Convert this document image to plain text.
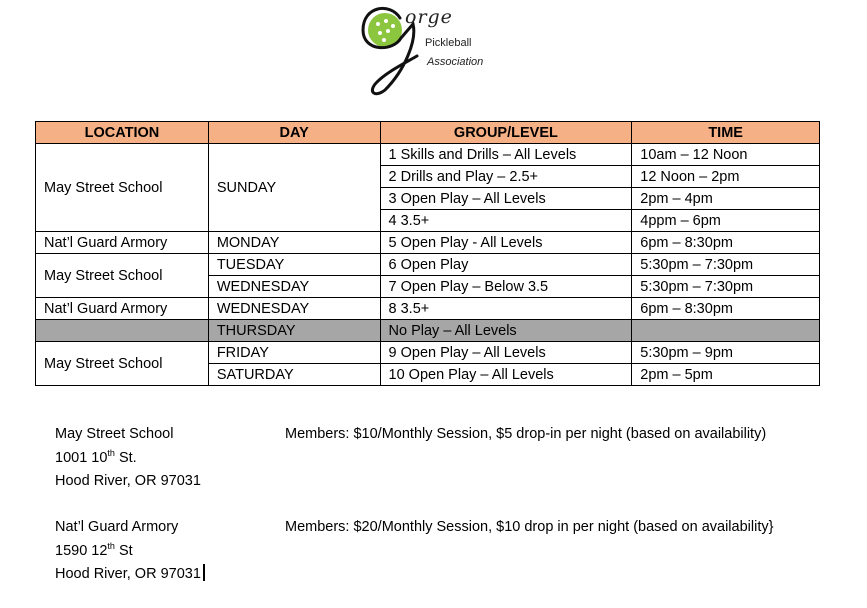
orge
Pickleball
Association
LOCATION	DAY	GROUP/LEVEL	TIME
May Street School	SUNDAY	1 Skills and Drills – All Levels	10am – 12 Noon
		2 Drills and Play – 2.5+	12 Noon – 2pm
		3 Open Play – All Levels	2pm – 4pm
		4 3.5+	4ppm – 6pm
Nat’l Guard Armory	MONDAY	5 Open Play - All Levels	6pm – 8:30pm
May Street School	TUESDAY	6 Open Play	5:30pm – 7:30pm
	WEDNESDAY	7 Open Play – Below 3.5	5:30pm – 7:30pm
Nat’l Guard Armory	WEDNESDAY	8 3.5+	6pm – 8:30pm
	THURSDAY	No Play – All Levels	
May Street School	FRIDAY	9 Open Play – All Levels	5:30pm – 9pm
	SATURDAY	10 Open Play – All Levels	2pm – 5pm
May Street School
1001 10th St.
Hood River, OR 97031
Members: $10/Monthly Session, $5 drop-in per night (based on availability)
Nat’l Guard Armory
1590 12th St
Hood River, OR 97031
Members: $20/Monthly Session, $10 drop in per night (based on availability}
